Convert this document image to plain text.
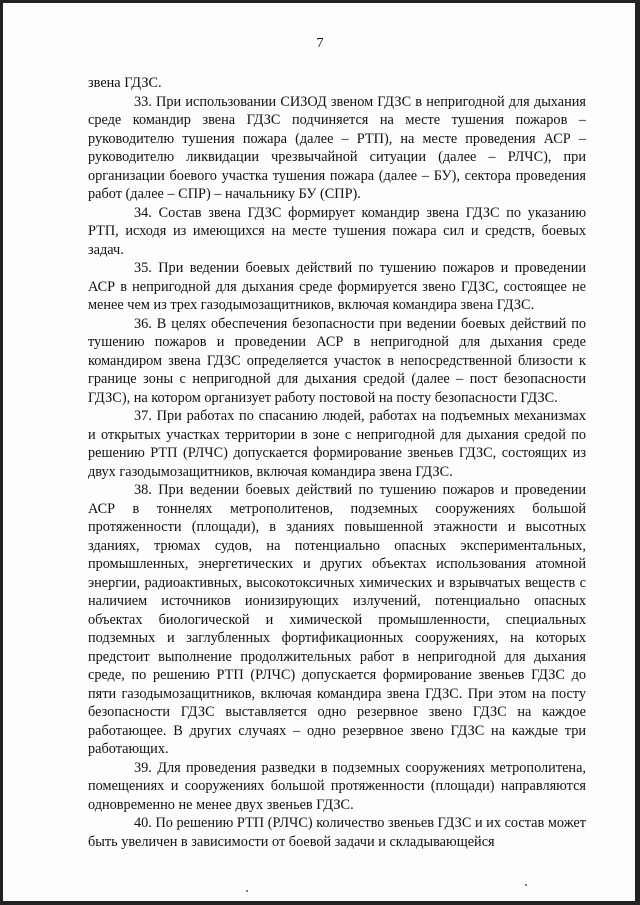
7

звена ГДЗС.

33. При использовании СИЗОД звеном ГДЗС в непригодной для дыхания среде командир звена ГДЗС подчиняется на месте тушения пожаров – руководителю тушения пожара (далее – РТП), на месте проведения АСР – руководителю ликвидации чрезвычайной ситуации (далее – РЛЧС), при организации боевого участка тушения пожара (далее – БУ), сектора проведения работ (далее – СПР) – начальнику БУ (СПР).

34. Состав звена ГДЗС формирует командир звена ГДЗС по указанию РТП, исходя из имеющихся на месте тушения пожара сил и средств, боевых задач.

35. При ведении боевых действий по тушению пожаров и проведении АСР в непригодной для дыхания среде формируется звено ГДЗС, состоящее не менее чем из трех газодымозащитников, включая командира звена ГДЗС.

36. В целях обеспечения безопасности при ведении боевых действий по тушению пожаров и проведении АСР в непригодной для дыхания среде командиром звена ГДЗС определяется участок в непосредственной близости к границе зоны с непригодной для дыхания средой (далее – пост безопасности ГДЗС), на котором организует работу постовой на посту безопасности ГДЗС.

37. При работах по спасанию людей, работах на подъемных механизмах и открытых участках территории в зоне с непригодной для дыхания средой по решению РТП (РЛЧС) допускается формирование звеньев ГДЗС, состоящих из двух газодымозащитников, включая командира звена ГДЗС.

38. При ведении боевых действий по тушению пожаров и проведении АСР в тоннелях метрополитенов, подземных сооружениях большой протяженности (площади), в зданиях повышенной этажности и высотных зданиях, трюмах судов, на потенциально опасных экспериментальных, промышленных, энергетических и других объектах использования атомной энергии, радиоактивных, высокотоксичных химических и взрывчатых веществ с наличием источников ионизирующих излучений, потенциально опасных объектах биологической и химической промышленности, специальных подземных и заглубленных фортификационных сооружениях, на которых предстоит выполнение продолжительных работ в непригодной для дыхания среде, по решению РТП (РЛЧС) допускается формирование звеньев ГДЗС до пяти газодымозащитников, включая командира звена ГДЗС. При этом на посту безопасности ГДЗС выставляется одно резервное звено ГДЗС на каждое работающее. В других случаях – одно резервное звено ГДЗС на каждые три работающих.

39. Для проведения разведки в подземных сооружениях метрополитена, помещениях и сооружениях большой протяженности (площади) направляются одновременно не менее двух звеньев ГДЗС.

40. По решению РТП (РЛЧС) количество звеньев ГДЗС и их состав может быть увеличен в зависимости от боевой задачи и складывающейся
